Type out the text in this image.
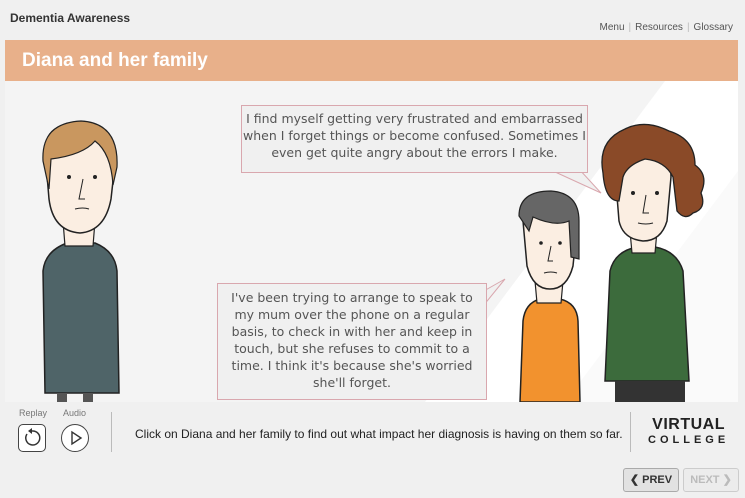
Dementia Awareness
Menu | Resources | Glossary
Diana and her family
I find myself getting very frustrated and embarrassed when I forget things or become confused. Sometimes I even get quite angry about the errors I make.
I've been trying to arrange to speak to my mum over the phone on a regular basis, to check in with her and keep in touch, but she refuses to commit to a time. I think it's because she's worried she'll forget.
Replay Audio
Click on Diana and her family to find out what impact her diagnosis is having on them so far.
VIRTUAL
COLLEGE
❮ PREV	NEXT ❯
